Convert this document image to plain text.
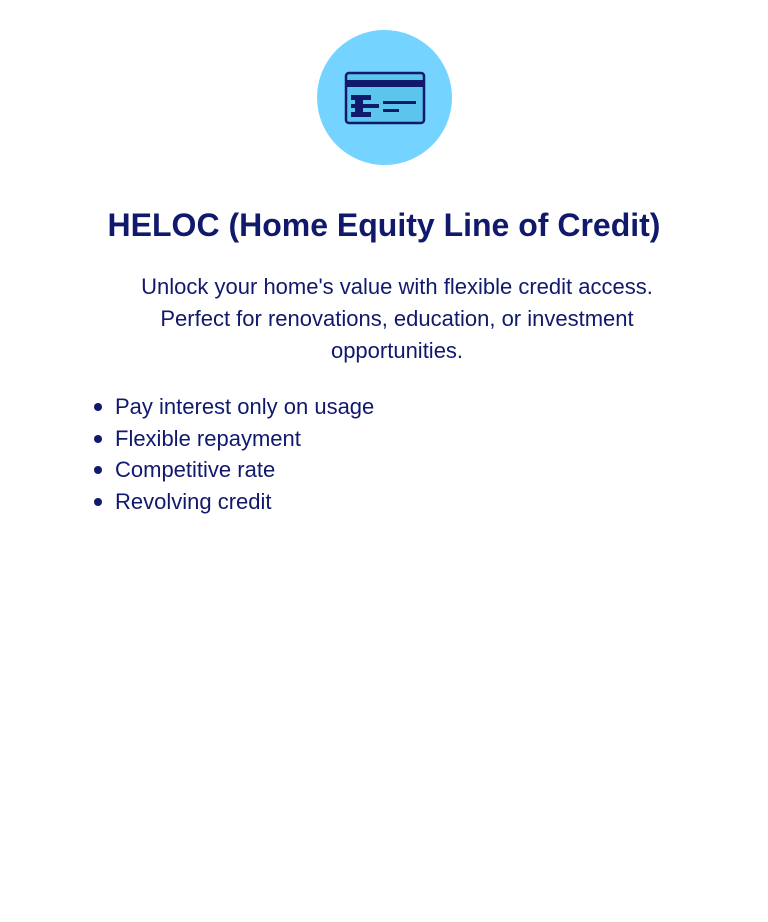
HELOC (Home Equity Line of Credit)

Unlock your home's value with flexible credit access. Perfect for renovations, education, or investment opportunities.

Pay interest only on usage
Flexible repayment
Competitive rate
Revolving credit
